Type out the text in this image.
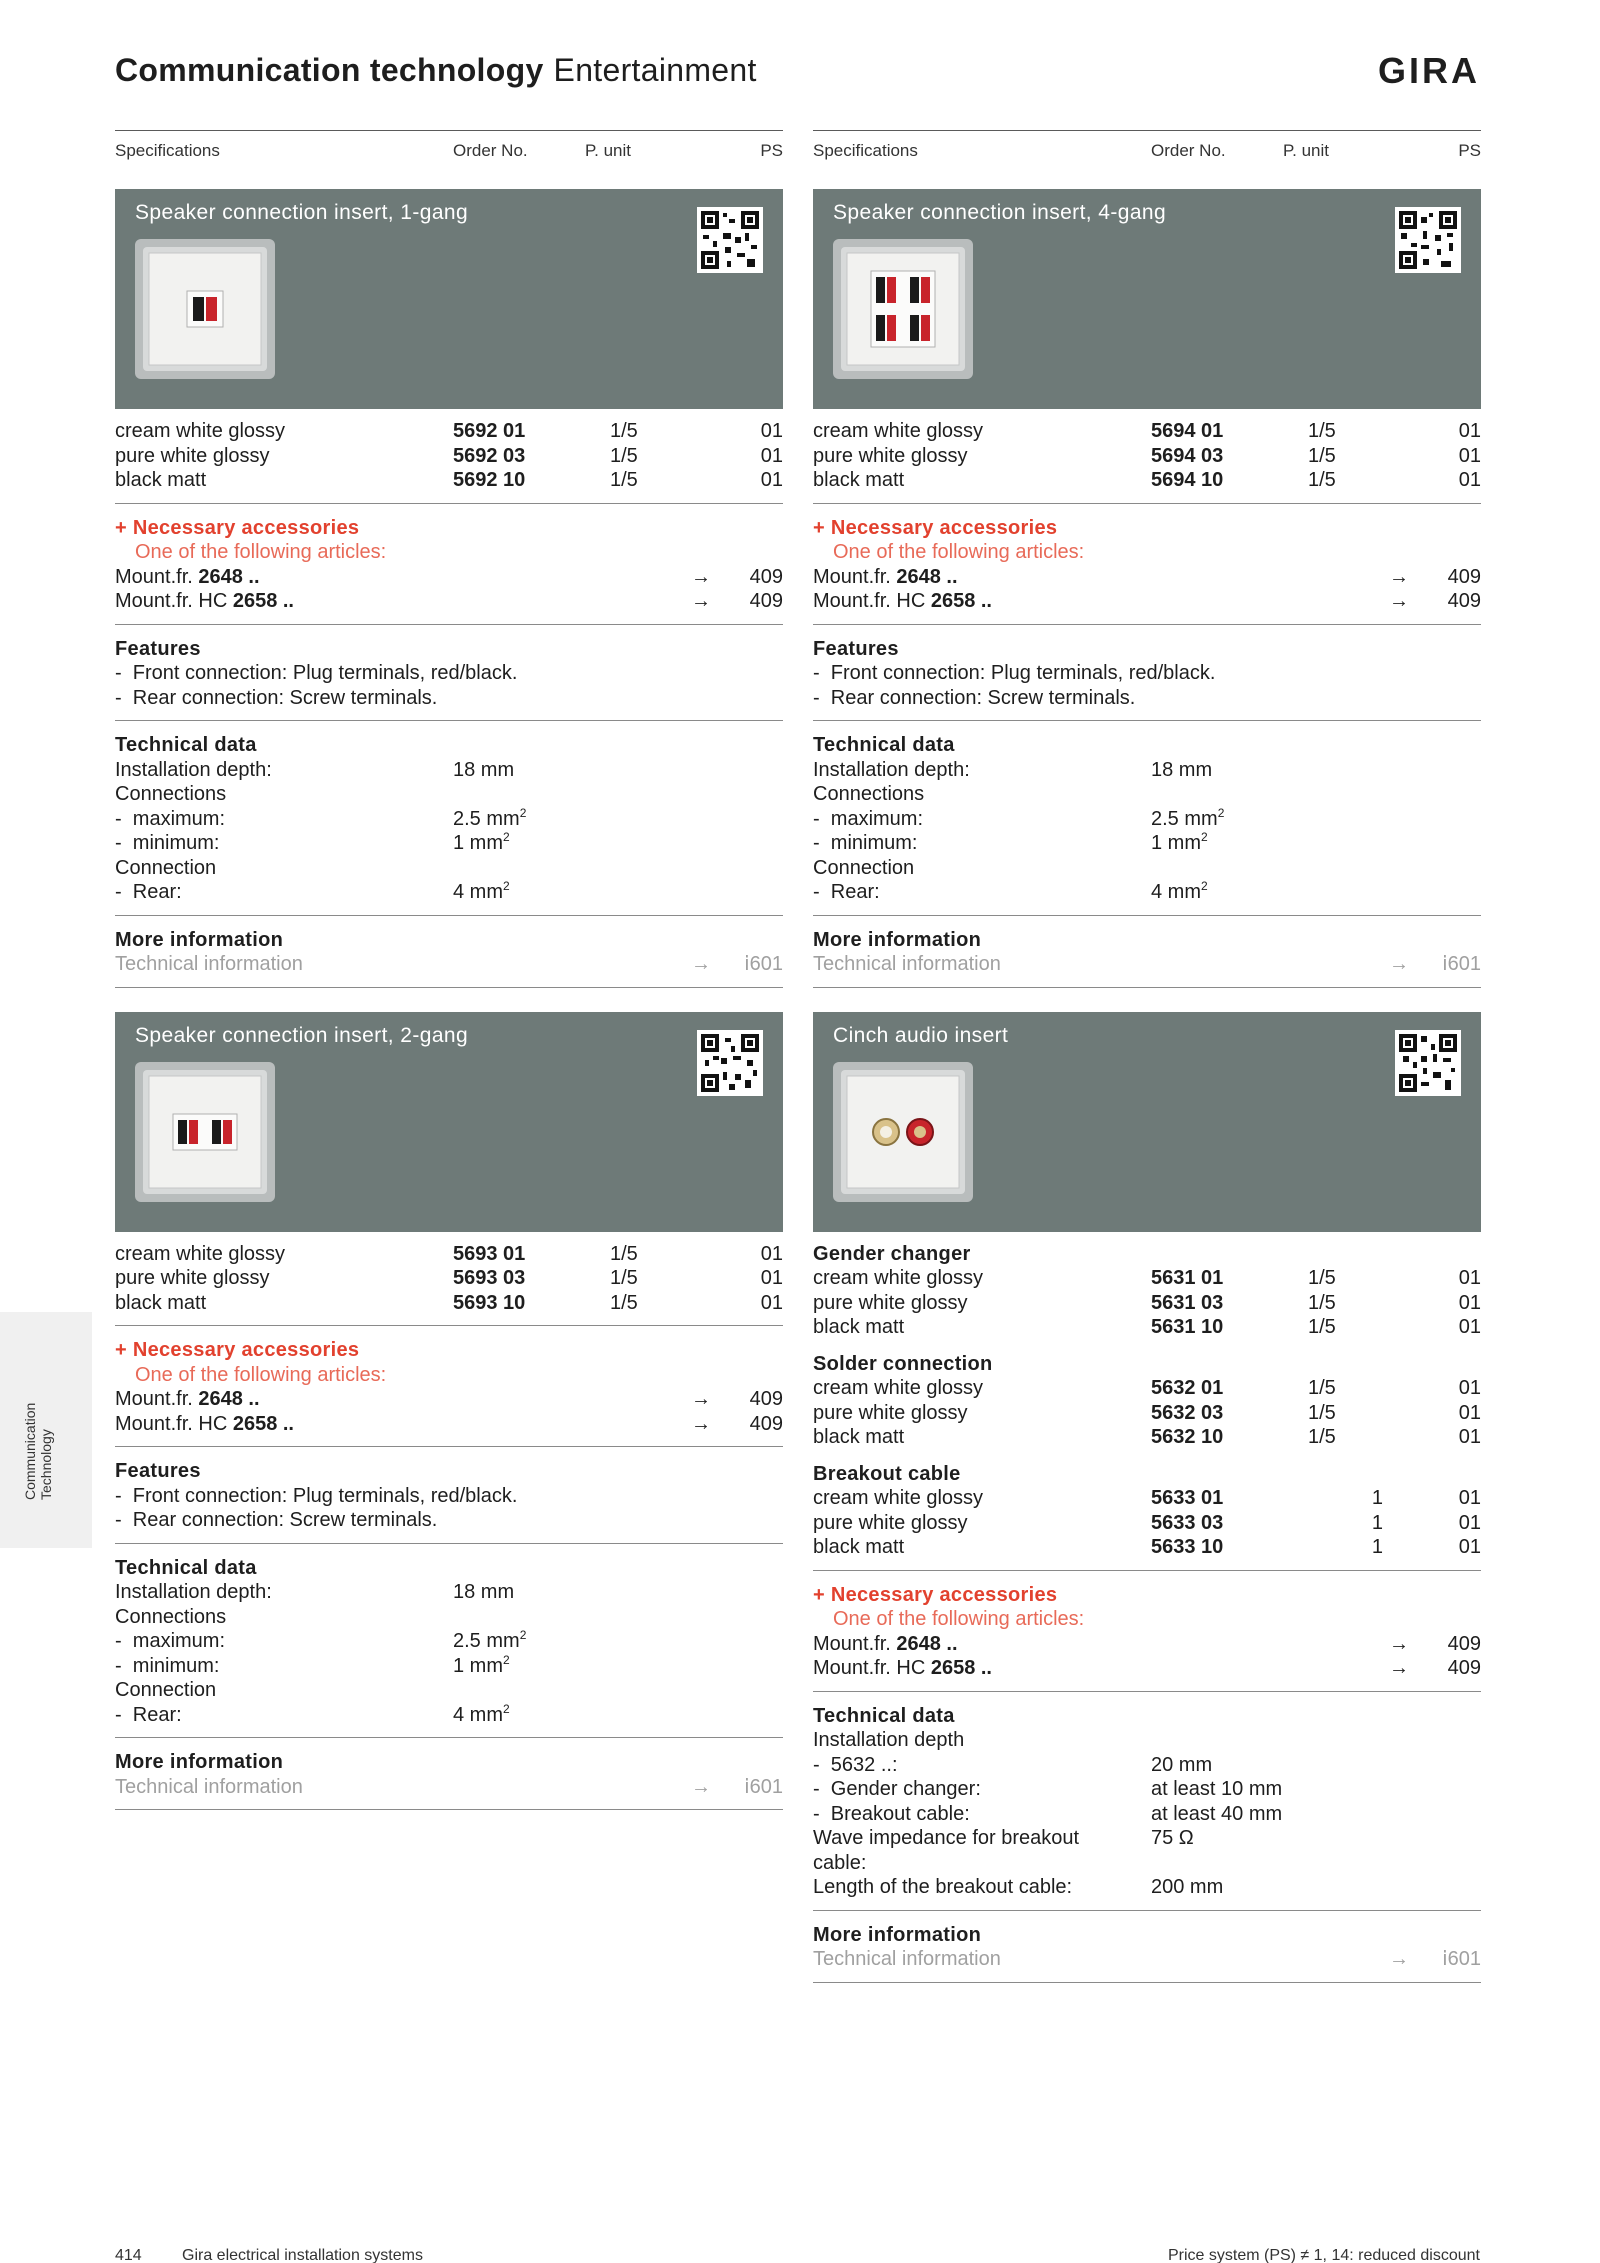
Communication technology Entertainment	GIRA
Specifications	Order No.	P. unit	PS
Speaker connection insert, 1-gang
cream white glossy	5692 01	1/5	01
pure white glossy	5692 03	1/5	01
black matt	5692 10	1/5	01
+ Necessary accessories
One of the following articles:
Mount.fr. 2648 ..	→ 409
Mount.fr. HC 2658 ..	→ 409
Features
- Front connection: Plug terminals, red/black.
- Rear connection: Screw terminals.
Technical data
Installation depth:	18 mm
Connections
- maximum:	2.5 $mm^2$
- minimum:	1 $mm^2$
Connection
- Rear:	4 $mm^2$
More information
Technical information	→ ⅰ601
Speaker connection insert, 2-gang
cream white glossy	5693 01	1/5	01
pure white glossy	5693 03	1/5	01
black matt	5693 10	1/5	01
+ Necessary accessories
One of the following articles:
Mount.fr. 2648 ..	→ 409
Mount.fr. HC 2658 ..	→ 409
Features
- Front connection: Plug terminals, red/black.
- Rear connection: Screw terminals.
Technical data
Installation depth:	18 mm
Connections
- maximum:	2.5 $mm^2$
- minimum:	1 $mm^2$
Connection
- Rear:	4 $mm^2$
More information
Technical information	→ ⅰ601
Specifications	Order No.	P. unit	PS
Speaker connection insert, 4-gang
cream white glossy	5694 01	1/5	01
pure white glossy	5694 03	1/5	01
black matt	5694 10	1/5	01
+ Necessary accessories
One of the following articles:
Mount.fr. 2648 ..	→ 409
Mount.fr. HC 2658 ..	→ 409
Features
- Front connection: Plug terminals, red/black.
- Rear connection: Screw terminals.
Technical data
Installation depth:	18 mm
Connections
- maximum:	2.5 $mm^2$
- minimum:	1 $mm^2$
Connection
- Rear:	4 $mm^2$
More information
Technical information	→ ⅰ601
Cinch audio insert
Gender changer
cream white glossy	5631 01	1/5	01
pure white glossy	5631 03	1/5	01
black matt	5631 10	1/5	01
Solder connection
cream white glossy	5632 01	1/5	01
pure white glossy	5632 03	1/5	01
black matt	5632 10	1/5	01
Breakout cable
cream white glossy	5633 01	1	01
pure white glossy	5633 03	1	01
black matt	5633 10	1	01
+ Necessary accessories
One of the following articles:
Mount.fr. 2648 ..	→ 409
Mount.fr. HC 2658 ..	→ 409
Technical data
Installation depth
- 5632 ..:	20 mm
- Gender changer:	at least 10 mm
- Breakout cable:	at least 40 mm
Wave impedance for breakout	75 Ω
cable:
Length of the breakout cable:	200 mm
More information
Technical information	→ ⅰ601
Communication Technology
414	Gira electrical installation systems	Price system (PS) ≠ 1, 14: reduced discount
